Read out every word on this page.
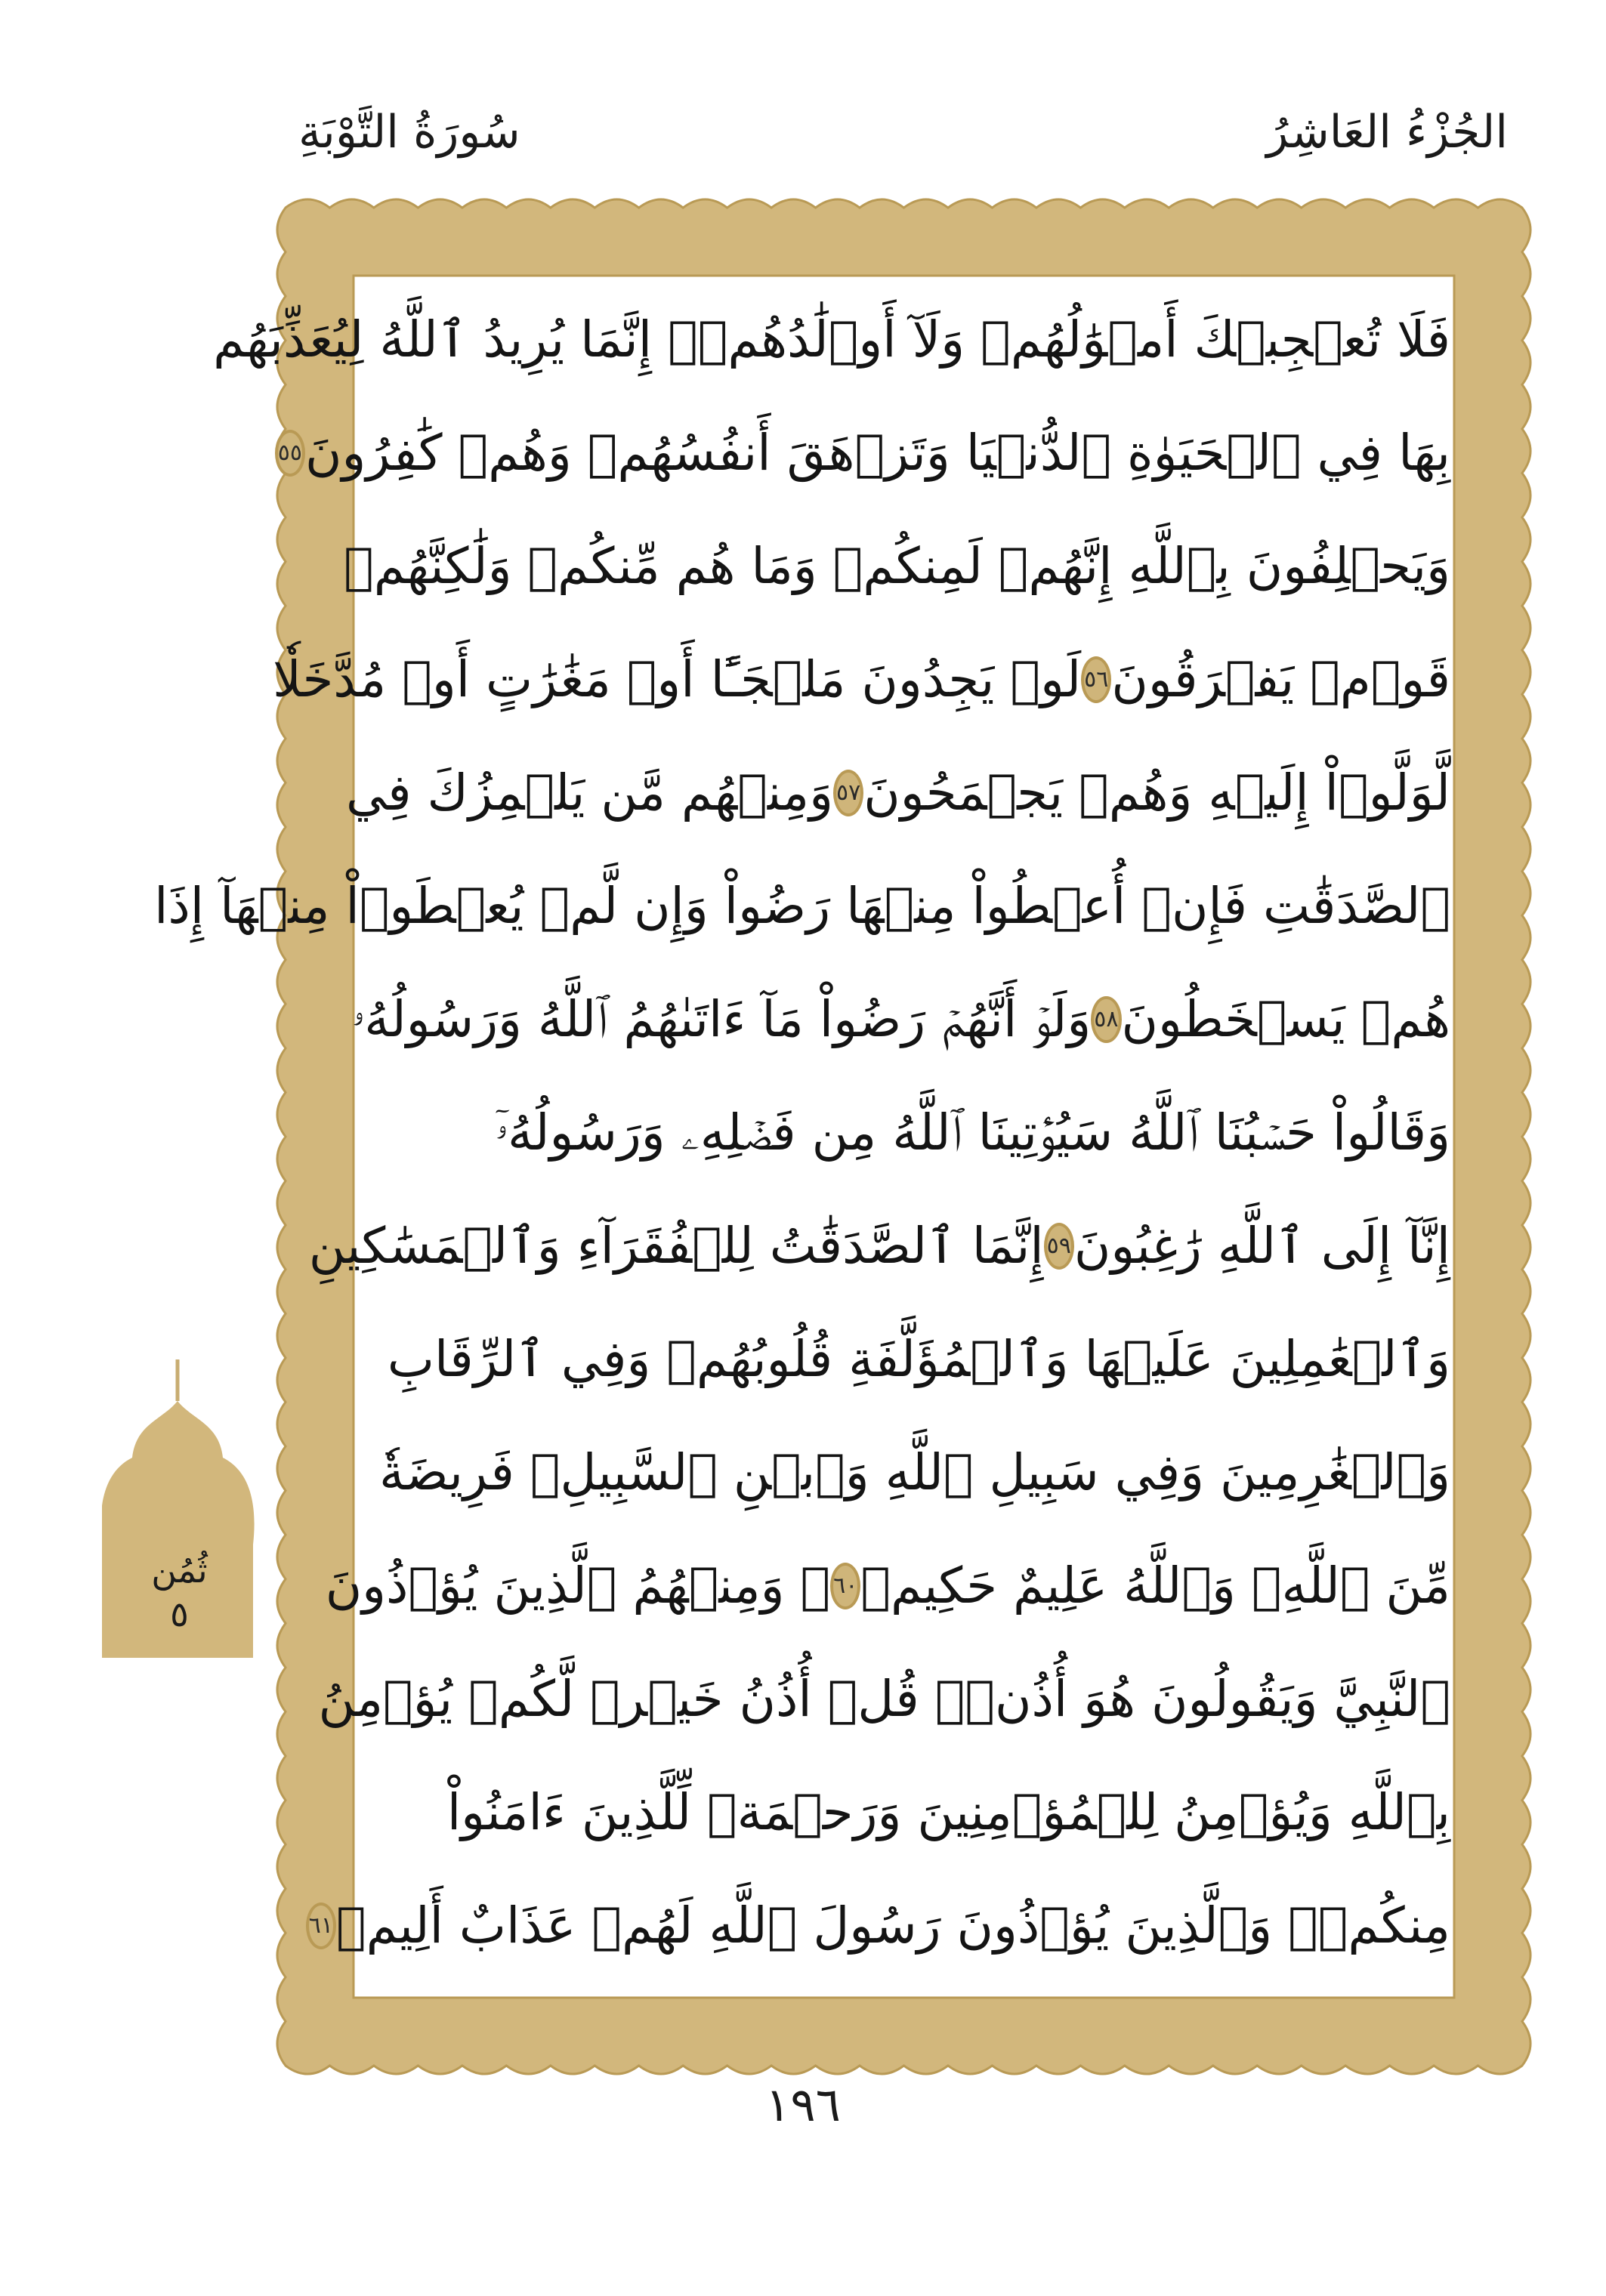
الجُزْءُ العَاشِرُ
سُورَةُ التَّوْبَةِ
فَلَا تُعۡجِبۡكَ أَمۡوَٰلُهُمۡ وَلَآ أَوۡلَٰدُهُمۡۚ إِنَّمَا يُرِيدُ ٱللَّهُ لِيُعَذِّبَهُم
بِهَا فِي ٱلۡحَيَوٰةِ ٱلدُّنۡيَا وَتَزۡهَقَ أَنفُسُهُمۡ وَهُمۡ كَٰفِرُونَ
٥٥
وَيَحۡلِفُونَ بِٱللَّهِ إِنَّهُمۡ لَمِنكُمۡ وَمَا هُم مِّنكُمۡ وَلَٰكِنَّهُمۡ
قَوۡمٞ يَفۡرَقُونَ
٥٦
لَوۡ يَجِدُونَ مَلۡجَـًٔا أَوۡ مَغَٰرَٰتٍ أَوۡ مُدَّخَلٗا
لَّوَلَّوۡاْ إِلَيۡهِ وَهُمۡ يَجۡمَحُونَ
٥٧
وَمِنۡهُم مَّن يَلۡمِزُكَ فِي
ٱلصَّدَقَٰتِ فَإِنۡ أُعۡطُواْ مِنۡهَا رَضُواْ وَإِن لَّمۡ يُعۡطَوۡاْ مِنۡهَآ إِذَا
هُمۡ يَسۡخَطُونَ
٥٨
وَلَوۡ أَنَّهُمۡ رَضُواْ مَآ ءَاتَىٰهُمُ ٱللَّهُ وَرَسُولُهُۥ
وَقَالُواْ حَسۡبُنَا ٱللَّهُ سَيُؤۡتِينَا ٱللَّهُ مِن فَضۡلِهِۦ وَرَسُولُهُۥٓ
إِنَّآ إِلَى ٱللَّهِ رَٰغِبُونَ
٥٩
إِنَّمَا ٱلصَّدَقَٰتُ لِلۡفُقَرَآءِ وَٱلۡمَسَٰكِينِ
وَٱلۡعَٰمِلِينَ عَلَيۡهَا وَٱلۡمُؤَلَّفَةِ قُلُوبُهُمۡ وَفِي ٱلرِّقَابِ
وَٱلۡغَٰرِمِينَ وَفِي سَبِيلِ ٱللَّهِ وَٱبۡنِ ٱلسَّبِيلِۖ فَرِيضَةٗ
مِّنَ ٱللَّهِۗ وَٱللَّهُ عَلِيمٌ حَكِيمٞ
٦٠
۞ وَمِنۡهُمُ ٱلَّذِينَ يُؤۡذُونَ
ٱلنَّبِيَّ وَيَقُولُونَ هُوَ أُذُنٞۚ قُلۡ أُذُنُ خَيۡرٖ لَّكُمۡ يُؤۡمِنُ
بِٱللَّهِ وَيُؤۡمِنُ لِلۡمُؤۡمِنِينَ وَرَحۡمَةٞ لِّلَّذِينَ ءَامَنُواْ
مِنكُمۡۚ وَٱلَّذِينَ يُؤۡذُونَ رَسُولَ ٱللَّهِ لَهُمۡ عَذَابٌ أَلِيمٞ
٦١
ثُمُن
٥
١٩٦
